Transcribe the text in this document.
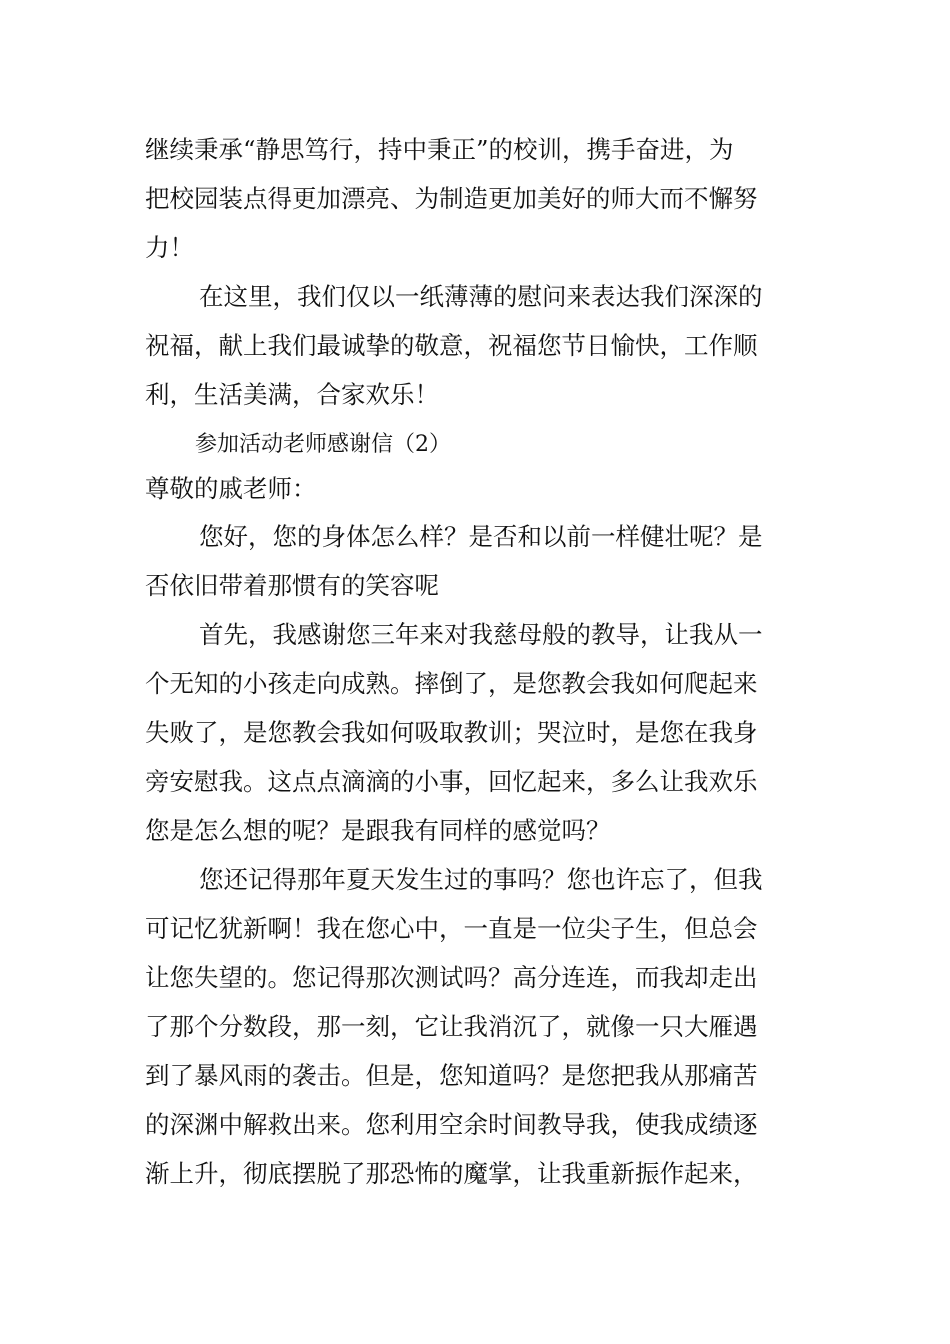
继续秉承“静思笃行，持中秉正”的校训，携手奋进，为
把校园装点得更加漂亮、为制造更加美好的师大而不懈努
力！
在这里，我们仅以一纸薄薄的慰问来表达我们深深的
祝福，献上我们最诚挚的敬意，祝福您节日愉快，工作顺
利，生活美满，合家欢乐！
参加活动老师感谢信（2）
尊敬的戚老师：
您好，您的身体怎么样？是否和以前一样健壮呢？是
否依旧带着那惯有的笑容呢
首先，我感谢您三年来对我慈母般的教导，让我从一
个无知的小孩走向成熟。摔倒了，是您教会我如何爬起来
失败了，是您教会我如何吸取教训；哭泣时，是您在我身
旁安慰我。这点点滴滴的小事，回忆起来，多么让我欢乐
您是怎么想的呢？是跟我有同样的感觉吗？
您还记得那年夏天发生过的事吗？您也许忘了，但我
可记忆犹新啊！我在您心中，一直是一位尖子生，但总会
让您失望的。您记得那次测试吗？高分连连，而我却走出
了那个分数段，那一刻，它让我消沉了，就像一只大雁遇
到了暴风雨的袭击。但是，您知道吗？是您把我从那痛苦
的深渊中解救出来。您利用空余时间教导我，使我成绩逐
渐上升，彻底摆脱了那恐怖的魔掌，让我重新振作起来，
